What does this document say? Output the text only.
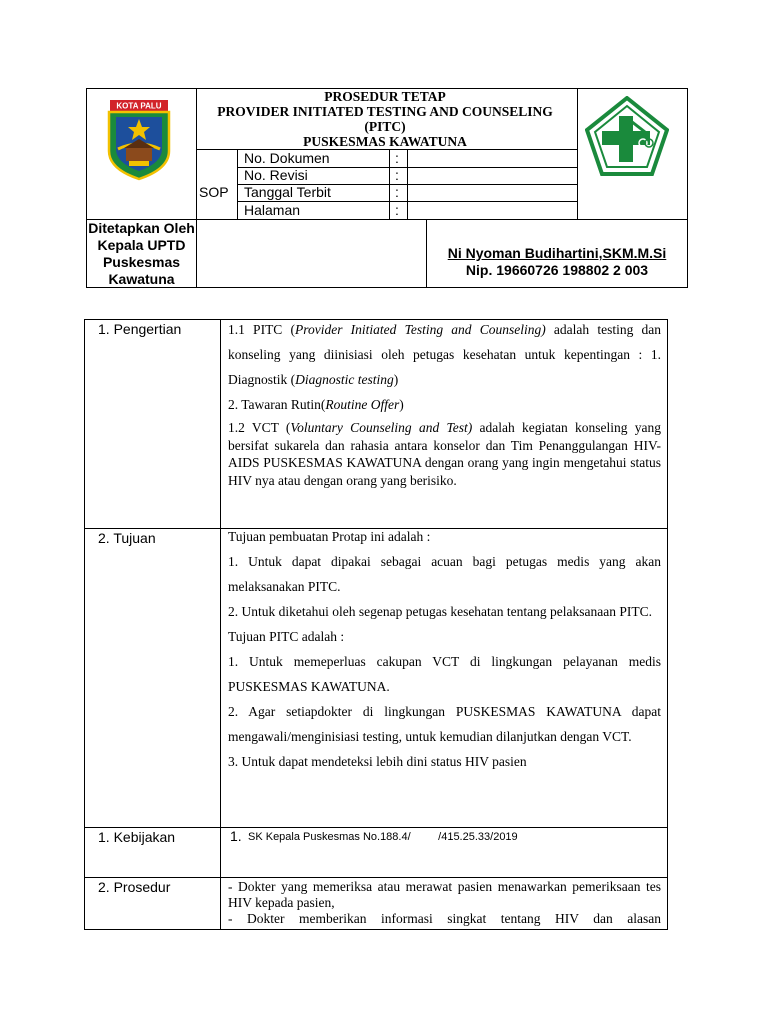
PROSEDUR TETAP
PROVIDER INITIATED TESTING AND COUNSELING
(PITC)
PUSKESMAS KAWATUNA
SOP
No. Dokumen	:
No. Revisi	:
Tanggal Terbit	:
Halaman	:
Ditetapkan Oleh
Kepala UPTD
Puskesmas
Kawatuna
Ni Nyoman Budihartini,SKM.M.Si
Nip. 19660726 198802 2 003
KOTA PALU
1. Pengertian	1.1 PITC (Provider Initiated Testing and Counseling) adalah testing dan konseling yang diinisiasi oleh petugas kesehatan untuk kepentingan : 1. Diagnostik (Diagnostic testing)

2. Tawaran Rutin(Routine Offer)

1.2 VCT (Voluntary Counseling and Test) adalah kegiatan konseling yang bersifat sukarela dan rahasia antara konselor dan Tim Penanggulangan HIV-AIDS PUSKESMAS KAWATUNA dengan orang yang ingin mengetahui status HIV nya atau dengan orang yang berisiko.

2. Tujuan	Tujuan pembuatan Protap ini adalah :

1. Untuk dapat dipakai sebagai acuan bagi petugas medis yang akan melaksanakan PITC.

2. Untuk diketahui oleh segenap petugas kesehatan tentang pelaksanaan PITC.

Tujuan PITC adalah :

1. Untuk memeperluas cakupan VCT di lingkungan pelayanan medis PUSKESMAS KAWATUNA.

2. Agar setiapdokter di lingkungan PUSKESMAS KAWATUNA dapat mengawali/menginisiasi testing, untuk kemudian dilanjutkan dengan VCT.

3. Untuk dapat mendeteksi lebih dini status HIV pasien

1. Kebijakan	1. SK Kepala Puskesmas No.188.4/         /415.25.33/2019
2. Prosedur	- Dokter yang memeriksa atau merawat pasien menawarkan pemeriksaan tes HIV kepada pasien,

- Dokter memberikan informasi singkat tentang HIV dan alasan
